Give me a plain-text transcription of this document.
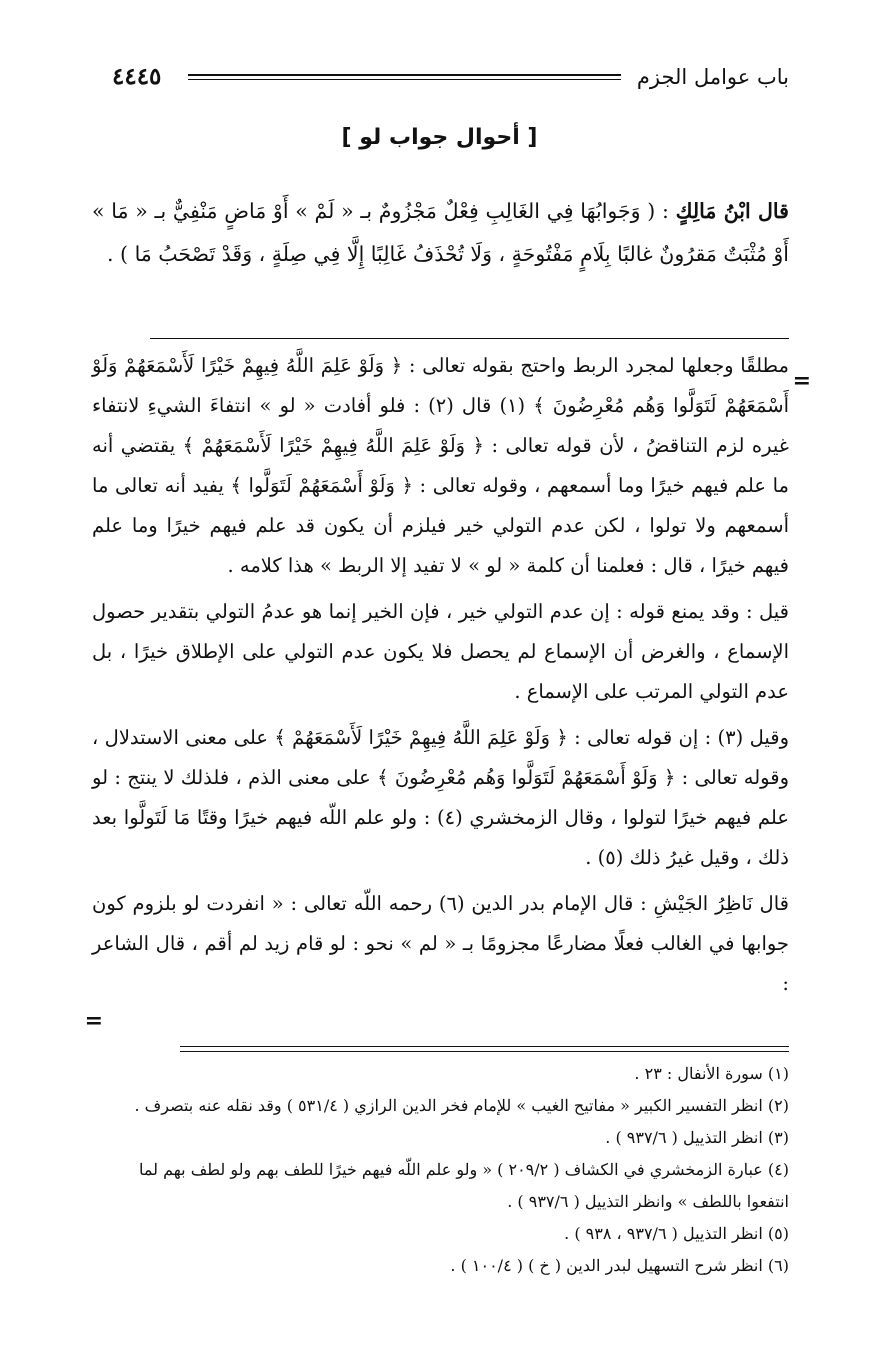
باب عوامل الجزم
٤٤٤٥
[ أحوال جواب لو ]
قال ابْنُ مَالِكٍ : ( وَجَوابُهَا فِي الغَالِبِ فِعْلٌ مَجْزُومٌ بـ « لَمْ » أَوْ مَاضٍ مَنْفِيٌّ بـ « مَا » أَوْ مُثْبَتٌ مَقرُونٌ غالبًا بِلَامٍ مَفْتُوحَةٍ ، وَلَا تُحْذَفُ غَالِبًا إِلَّا فِي صِلَةٍ ، وَقَدْ تَصْحَبُ مَا ) .
=

مطلقًا وجعلها لمجرد الربط واحتج بقوله تعالى : ﴿ وَلَوْ عَلِمَ اللَّهُ فِيهِمْ خَيْرًا لَأَسْمَعَهُمْ وَلَوْ أَسْمَعَهُمْ لَتَوَلَّوا وَهُم مُعْرِضُونَ ﴾ (١) قال (٢) : فلو أفادت « لو » انتفاءَ الشيءِ لانتفاء غيره لزم التناقضُ ، لأن قوله تعالى : ﴿ وَلَوْ عَلِمَ اللَّهُ فِيهِمْ خَيْرًا لَأَسْمَعَهُمْ ﴾ يقتضي أنه ما علم فيهم خيرًا وما أسمعهم ، وقوله تعالى : ﴿ وَلَوْ أَسْمَعَهُمْ لَتَوَلَّوا ﴾ يفيد أنه تعالى ما أسمعهم ولا تولوا ، لكن عدم التولي خير فيلزم أن يكون قد علم فيهم خيرًا وما علم فيهم خيرًا ، قال : فعلمنا أن كلمة « لو » لا تفيد إلا الربط » هذا كلامه .

قيل : وقد يمنع قوله : إن عدم التولي خير ، فإن الخير إنما هو عدمُ التولي بتقدير حصول الإسماع ، والغرض أن الإسماع لم يحصل فلا يكون عدم التولي على الإطلاق خيرًا ، بل عدم التولي المرتب على الإسماع .

وقيل (٣) : إن قوله تعالى : ﴿ وَلَوْ عَلِمَ اللَّهُ فِيهِمْ خَيْرًا لَأَسْمَعَهُمْ ﴾ على معنى الاستدلال ، وقوله تعالى : ﴿ وَلَوْ أَسْمَعَهُمْ لَتَوَلَّوا وَهُم مُعْرِضُونَ ﴾ على معنى الذم ، فلذلك لا ينتج : لو علم فيهم خيرًا لتولوا ، وقال الزمخشري (٤) : ولو علم اللّه فيهم خيرًا وقتًا مَا لَتَولَّوا بعد ذلك ، وقيل غيرُ ذلك (٥) .

قال نَاظِرُ الجَيْشِ : قال الإمام بدر الدين (٦) رحمه اللّه تعالى : « انفردت لو بلزوم كون جوابها في الغالب فعلًا مضارعًا مجزومًا بـ « لم » نحو : لو قام زيد لم أقم ، قال الشاعر :

=
(١) سورة الأنفال : ٢٣ .
(٢) انظر التفسير الكبير « مفاتيح الغيب » للإمام فخر الدين الرازي ( ٥٣١/٤ ) وقد نقله عنه بتصرف .
(٣) انظر التذييل ( ٩٣٧/٦ ) .
(٤) عبارة الزمخشري في الكشاف ( ٢٠٩/٢ ) « ولو علم اللّه فيهم خيرًا للطف بهم ولو لطف بهم لما انتفعوا باللطف » وانظر التذييل ( ٩٣٧/٦ ) .
(٥) انظر التذييل ( ٩٣٧/٦ ، ٩٣٨ ) .
(٦) انظر شرح التسهيل لبدر الدين ( خ ) ( ١٠٠/٤ ) .
